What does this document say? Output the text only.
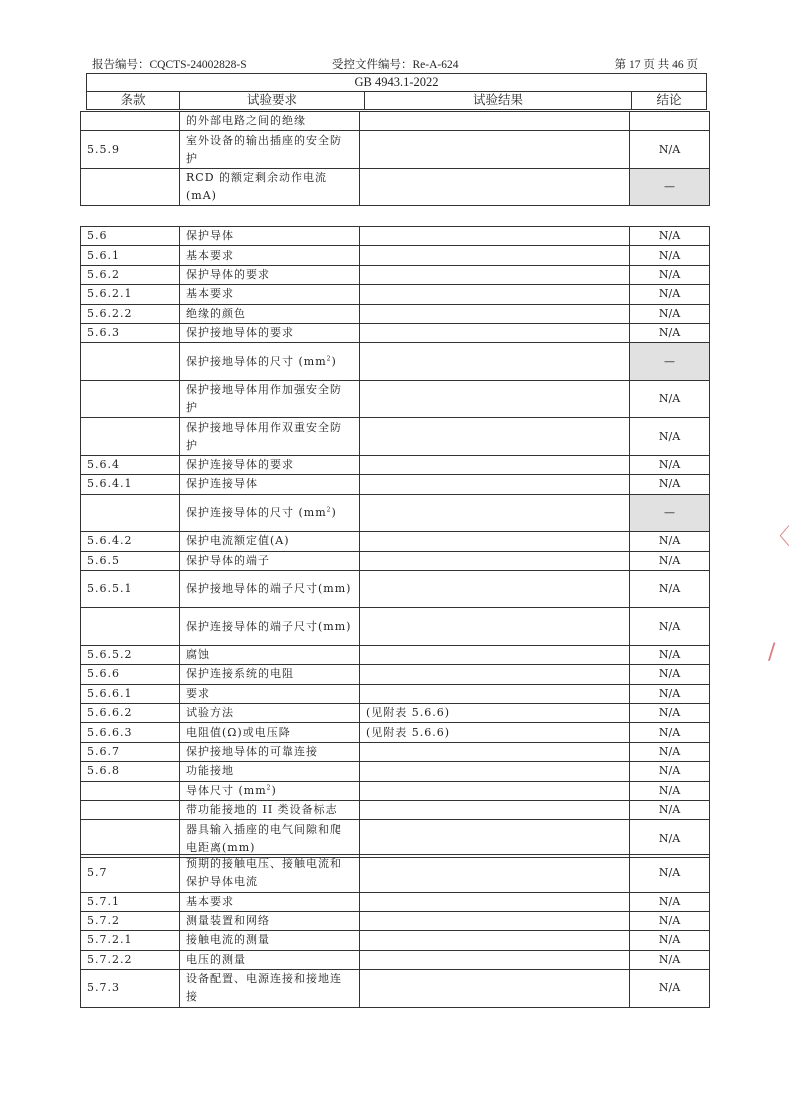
报告编号：CQCTS-24002828-S	受控文件编号：Re-A-624	第 17 页 共 46 页
GB 4943.1-2022
条款	试验要求	试验结果	结论
	的外部电路之间的绝缘		
5.5.9	室外设备的输出插座的安全防护		N/A
	RCD 的额定剩余动作电流(mA)		—
5.6	保护导体		N/A
5.6.1	基本要求		N/A
5.6.2	保护导体的要求		N/A
5.6.2.1	基本要求		N/A
5.6.2.2	绝缘的颜色		N/A
5.6.3	保护接地导体的要求		N/A
	保护接地导体的尺寸 $(mm^2)$		—
	保护接地导体用作加强安全防护		N/A
	保护接地导体用作双重安全防护		N/A
5.6.4	保护连接导体的要求		N/A
5.6.4.1	保护连接导体		N/A
	保护连接导体的尺寸 $(mm^2)$		—
5.6.4.2	保护电流额定值(A)		N/A
5.6.5	保护导体的端子		N/A
5.6.5.1	保护接地导体的端子尺寸(mm)		N/A
	保护连接导体的端子尺寸(mm)		N/A
5.6.5.2	腐蚀		N/A
5.6.6	保护连接系统的电阻		N/A
5.6.6.1	要求		N/A
5.6.6.2	试验方法	(见附表 5.6.6)	N/A
5.6.6.3	电阻值(Ω)或电压降	(见附表 5.6.6)	N/A
5.6.7	保护接地导体的可靠连接		N/A
5.6.8	功能接地		N/A
	导体尺寸 $(mm^2)$		N/A
	带功能接地的 II 类设备标志		N/A
	器具输入插座的电气间隙和爬电距离(mm)		N/A
5.7	预期的接触电压、接触电流和保护导体电流		N/A
5.7.1	基本要求		N/A
5.7.2	测量装置和网络		N/A
5.7.2.1	接触电流的测量		N/A
5.7.2.2	电压的测量		N/A
5.7.3	设备配置、电源连接和接地连接		N/A
〈
/
